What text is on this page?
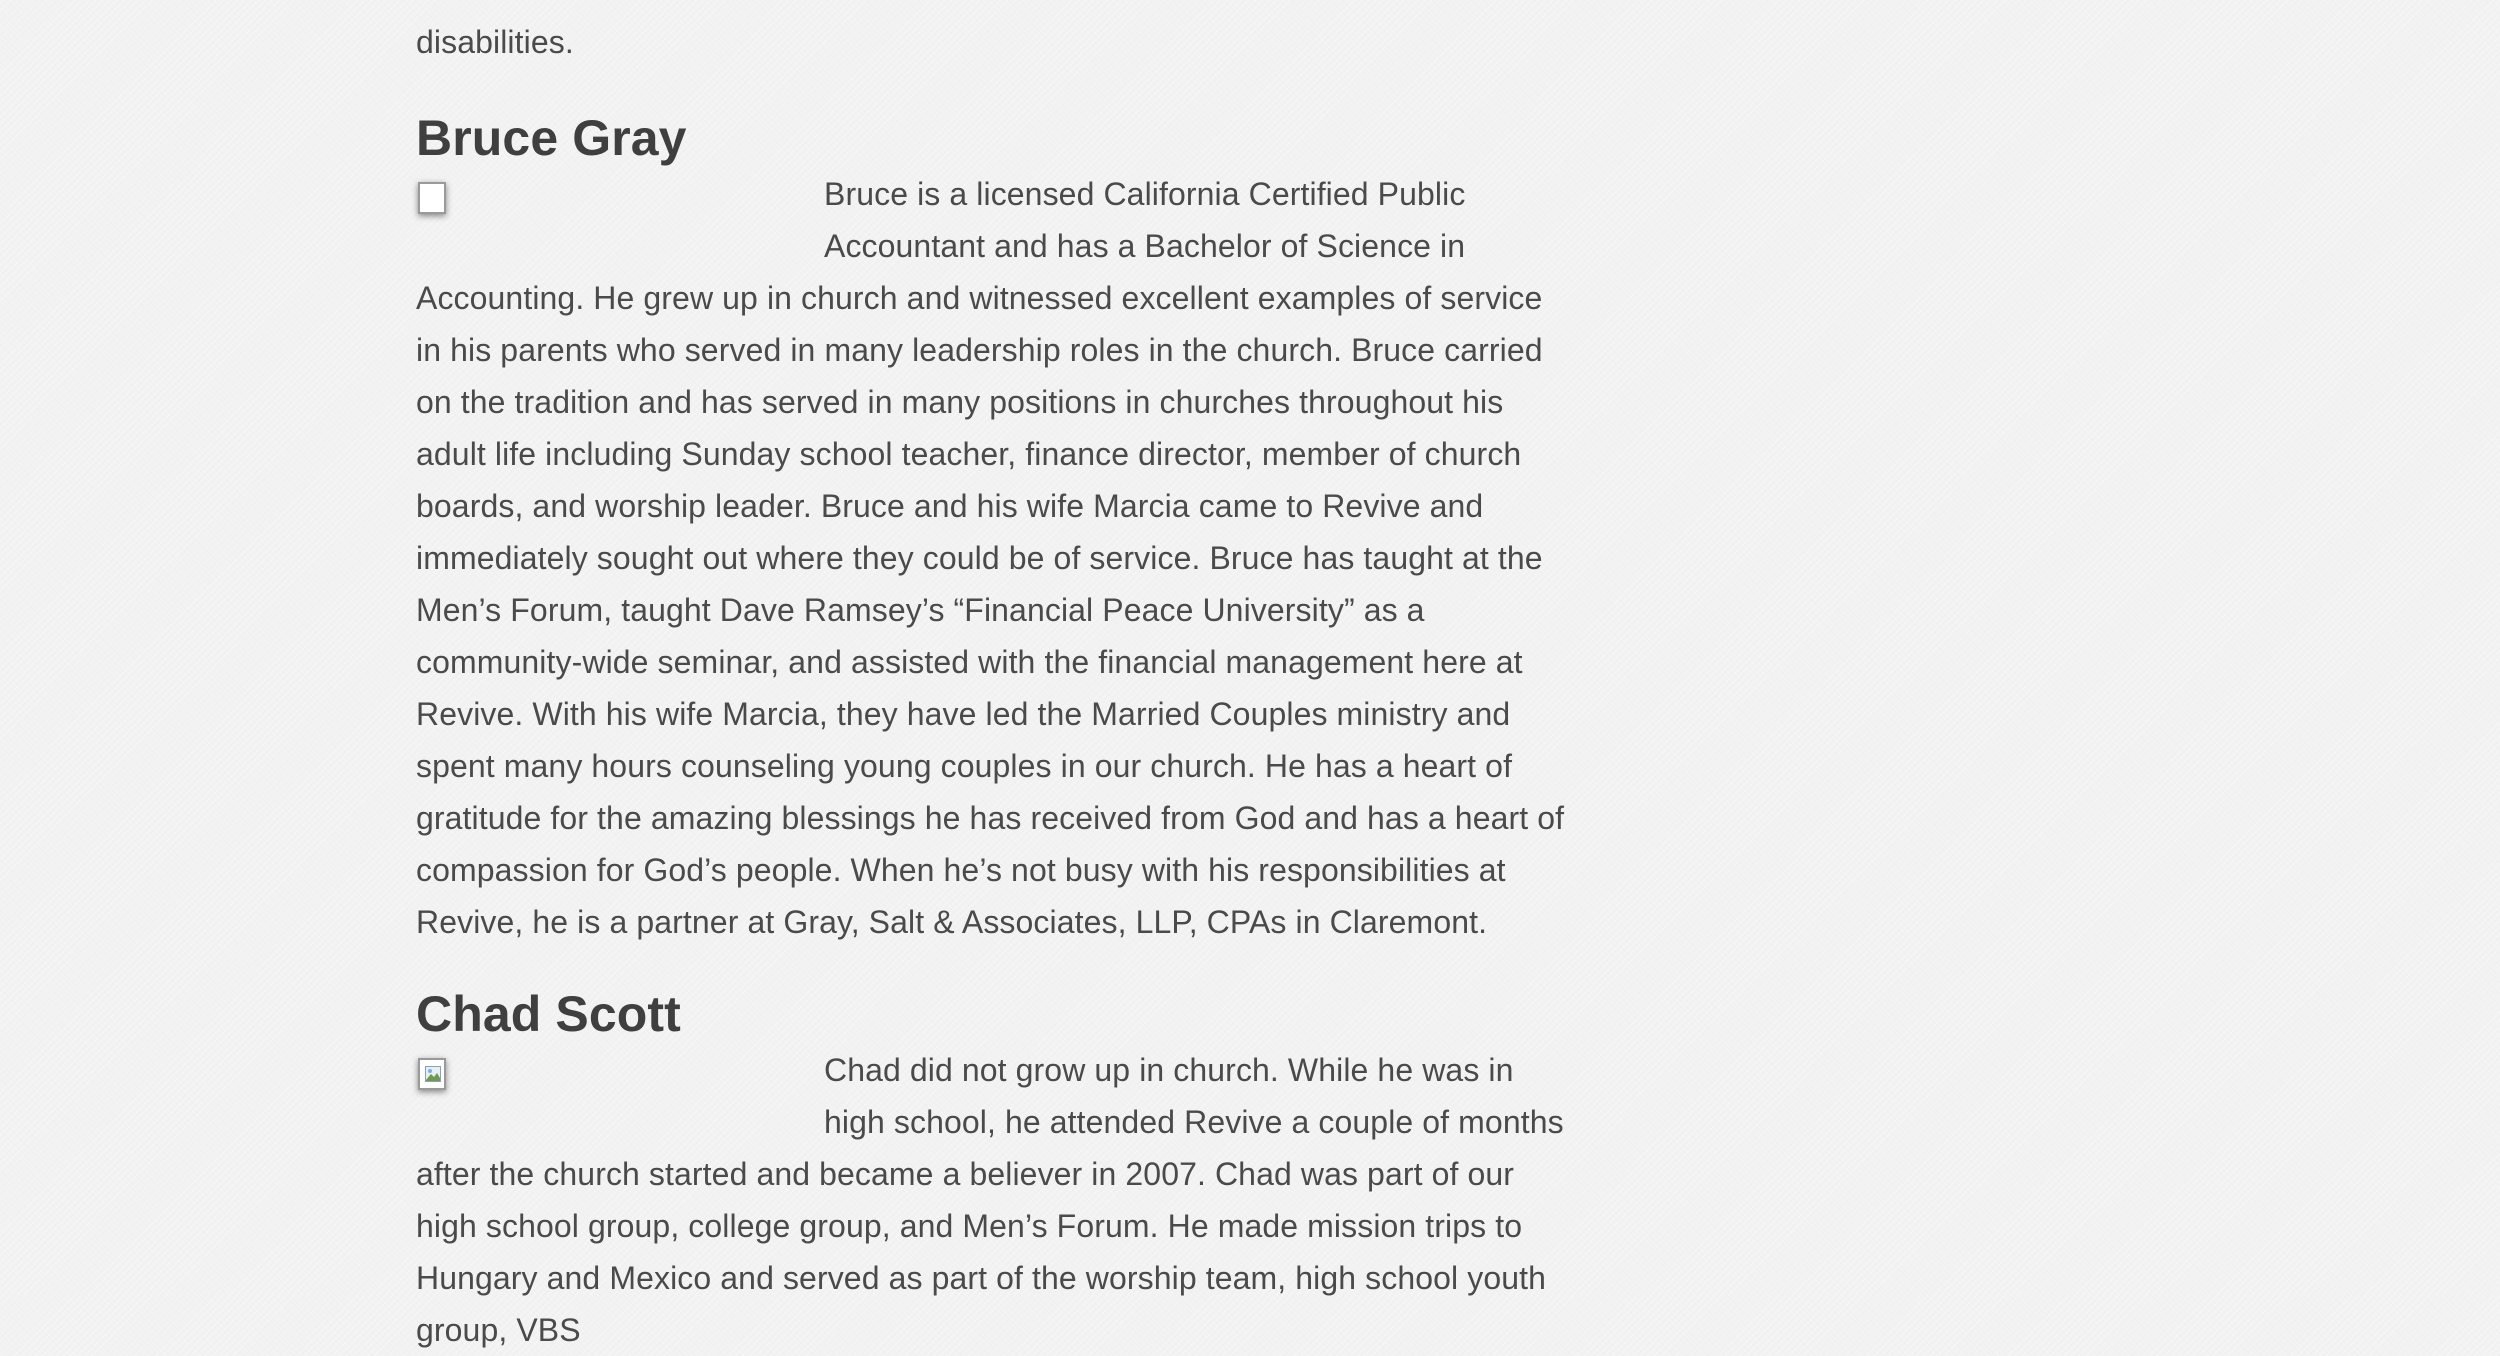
disabilities.

Bruce Gray

Bruce is a licensed California Certified Public Accountant and has a Bachelor of Science in Accounting. He grew up in church and witnessed excellent examples of service in his parents who served in many leadership roles in the church. Bruce carried on the tradition and has served in many positions in churches throughout his adult life including Sunday school teacher, finance director, member of church boards, and worship leader. Bruce and his wife Marcia came to Revive and immediately sought out where they could be of service. Bruce has taught at the Men’s Forum, taught Dave Ramsey’s “Financial Peace University” as a community-wide seminar, and assisted with the financial management here at Revive. With his wife Marcia, they have led the Married Couples ministry and spent many hours counseling young couples in our church. He has a heart of gratitude for the amazing blessings he has received from God and has a heart of compassion for God’s people. When he’s not busy with his responsibilities at Revive, he is a partner at Gray, Salt & Associates, LLP, CPAs in Claremont.

Chad Scott

Chad did not grow up in church. While he was in high school, he attended Revive a couple of months after the church started and became a believer in 2007. Chad was part of our high school group, college group, and Men’s Forum. He made mission trips to Hungary and Mexico and served as part of the worship team, high school youth group, VBS
